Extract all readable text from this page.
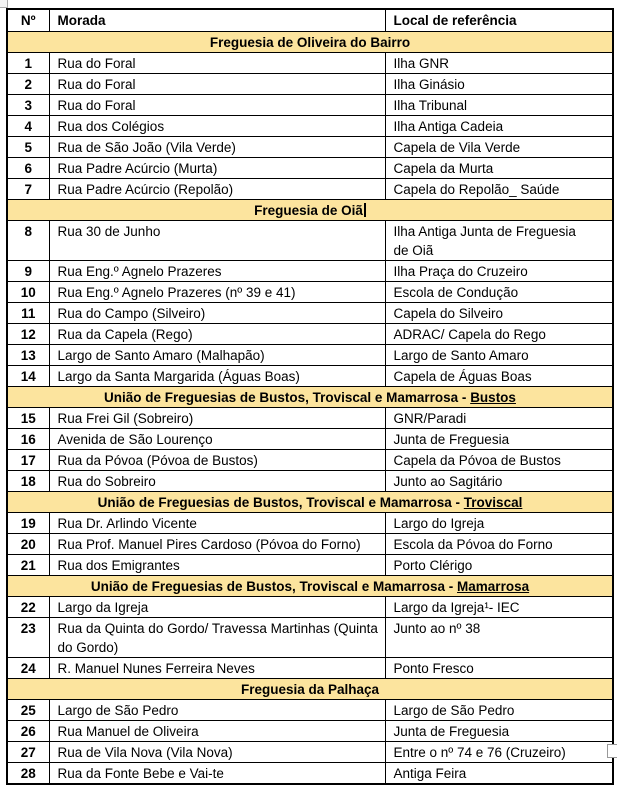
Nº	Morada	Local de referência
Freguesia de Oliveira do Bairro		
1	Rua do Foral	Ilha GNR
2	Rua do Foral	Ilha Ginásio
3	Rua do Foral	Ilha Tribunal
4	Rua dos Colégios	Ilha Antiga Cadeia
5	Rua de São João (Vila Verde)	Capela de Vila Verde
6	Rua Padre Acúrcio (Murta)	Capela da Murta
7	Rua Padre Acúrcio (Repolão)	Capela do Repolão_ Saúde
Freguesia de Oiã		
8	Rua 30 de Junho	Ilha Antiga Junta de Freguesia de Oiã
9	Rua Eng.º Agnelo Prazeres	Ilha Praça do Cruzeiro
10	Rua Eng.º Agnelo Prazeres (nº 39 e 41)	Escola de Condução
11	Rua do Campo (Silveiro)	Capela do Silveiro
12	Rua da Capela (Rego)	ADRAC/ Capela do Rego
13	Largo de Santo Amaro (Malhapão)	Largo de Santo Amaro
14	Largo da Santa Margarida (Águas Boas)	Capela de Águas Boas
União de Freguesias de Bustos, Troviscal e Mamarrosa - Bustos		
15	Rua Frei Gil (Sobreiro)	GNR/Paradi
16	Avenida de São Lourenço	Junta de Freguesia
17	Rua da Póvoa (Póvoa de Bustos)	Capela da Póvoa de Bustos
18	Rua do Sobreiro	Junto ao Sagitário
União de Freguesias de Bustos, Troviscal e Mamarrosa - Troviscal		
19	Rua Dr. Arlindo Vicente	Largo do Igreja
20	Rua Prof. Manuel Pires Cardoso (Póvoa do Forno)	Escola da Póvoa do Forno
21	Rua dos Emigrantes	Porto Clérigo
União de Freguesias de Bustos, Troviscal e Mamarrosa - Mamarrosa		
22	Largo da Igreja	Largo da Igreja¹- IEC
23	Rua da Quinta do Gordo/ Travessa Martinhas (Quinta do Gordo)	Junto ao nº 38
24	R. Manuel Nunes Ferreira Neves	Ponto Fresco
Freguesia da Palhaça		
25	Largo de São Pedro	Largo de São Pedro
26	Rua Manuel de Oliveira	Junta de Freguesia
27	Rua de Vila Nova (Vila Nova)	Entre o nº 74 e 76 (Cruzeiro)
28	Rua da Fonte Bebe e Vai-te	Antiga Feira
